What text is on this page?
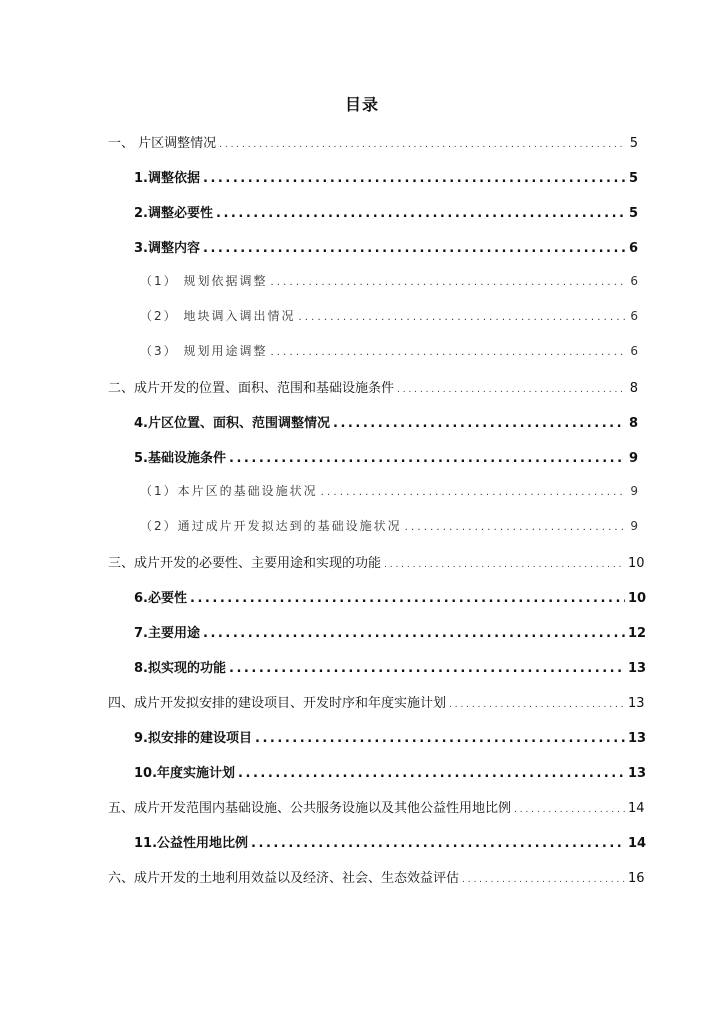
目录
一、 片区调整情况 . . .	5
1.调整依据 . . .	5
2.调整必要性 . . .	5
3.调整内容 . . .	6
（1） 规划依据调整 . . .	6
（2） 地块调入调出情况 . . .	6
（3） 规划用途调整 . . .	6
二、成片开发的位置、面积、范围和基础设施条件 . . .	8
4.片区位置、面积、范围调整情况 . . .	8
5.基础设施条件 . . .	9
（1）本片区的基础设施状况 . . .	9
（2）通过成片开发拟达到的基础设施状况 . . .	9
三、成片开发的必要性、主要用途和实现的功能 . . .	10
6.必要性 . . .	10
7.主要用途 . . .	12
8.拟实现的功能 . . .	13
四、成片开发拟安排的建设项目、开发时序和年度实施计划 . . .	13
9.拟安排的建设项目 . . .	13
10.年度实施计划 . . .	13
五、成片开发范围内基础设施、公共服务设施以及其他公益性用地比例 . . .	14
11.公益性用地比例 . . .	14
六、成片开发的土地利用效益以及经济、社会、生态效益评估 . . .	16
